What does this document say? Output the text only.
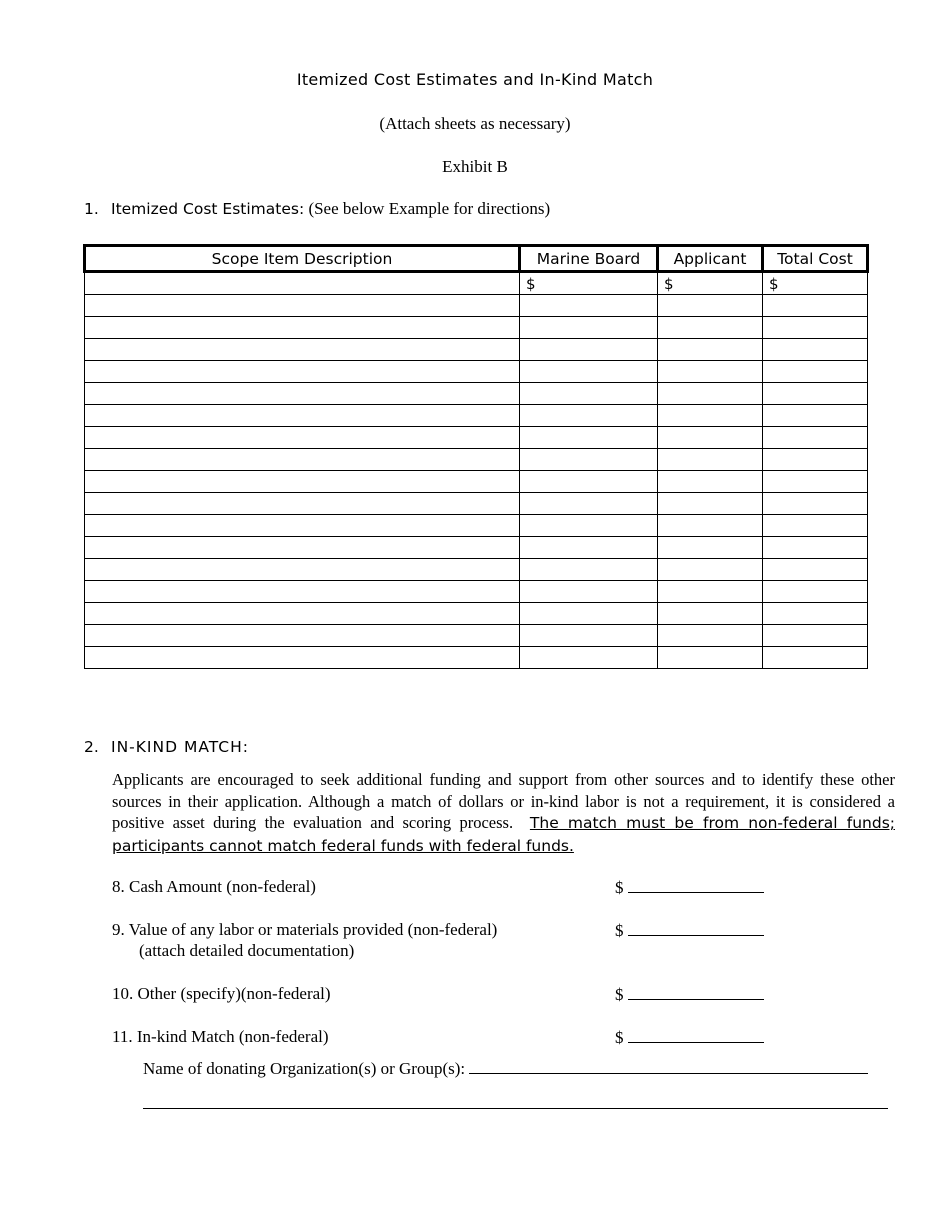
Itemized Cost Estimates and In-Kind Match
(Attach sheets as necessary)
Exhibit B
1. Itemized Cost Estimates: (See below Example for directions)
Scope Item Description	Marine Board	Applicant	Total Cost
	$	$	$

2. IN-KIND MATCH:
Applicants are encouraged to seek additional funding and support from other sources and to identify these other sources in their application. Although a match of dollars or in-kind labor is not a requirement, it is considered a positive asset during the evaluation and scoring process. The match must be from non-federal funds; participants cannot match federal funds with federal funds.
8. Cash Amount (non-federal)	$
9. Value of any labor or materials provided (non-federal)
(attach detailed documentation)
$
10. Other (specify)(non-federal)	$
11. In-kind Match (non-federal)	$
Name of donating Organization(s) or Group(s):
